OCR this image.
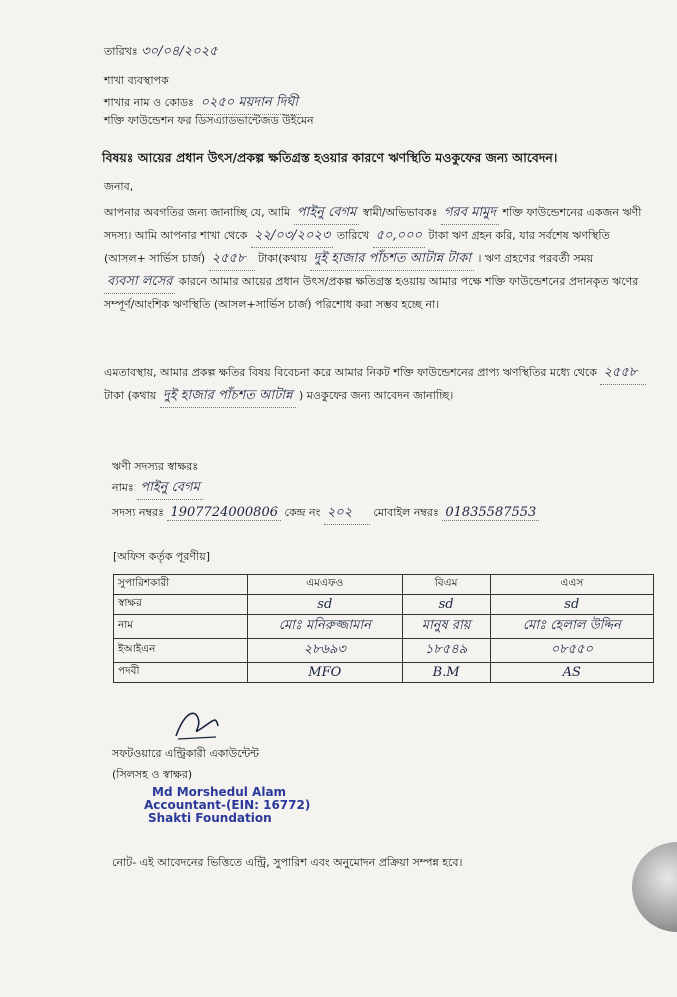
তারিখঃ ৩০/০৪/২০২৫
শাখা ব্যবস্থাপক
শাখার নাম ও কোডঃ ০২৫০ ময়দান দিঘী
শক্তি ফাউন্ডেশন ফর ডিসএ্যাডভান্টেজড উইমেন
বিষয়ঃ আয়ের প্রধান উৎস/প্রকল্প ক্ষতিগ্রস্ত হওয়ার কারণে ঋণস্থিতি মওকুফের জন্য আবেদন।
জনাব,
আপনার অবগতির জন্য জানাচ্ছি যে, আমি পাইনু বেগম স্বামী/অভিভাবকঃ গরব মামুদ শক্তি ফাউন্ডেশনের একজন ঋণী সদস্য। আমি আপনার শাখা থেকে ২২/০৩/২০২৩ তারিখে ৫০,০০০ টাকা ঋণ গ্রহন করি, যার সর্বশেষ ঋণস্থিতি (আসল+ সার্ভিস চার্জ) ২৫৫৮ টাকা(কথায় দুই হাজার পাঁচশত আটান্ন টাকা । ঋণ গ্রহণের পরবর্তী সময় ব্যবসা লসের কারনে আমার আয়ের প্রধান উৎস/প্রকল্প ক্ষতিগ্রস্ত হওয়ায় আমার পক্ষে শক্তি ফাউন্ডেশনের প্রদানকৃত ঋণের সম্পূর্ণ/আংশিক ঋণস্থিতি (আসল+সার্ভিস চার্জ) পরিশোধ করা সম্ভব হচ্ছে না।
এমতাবস্থায়, আমার প্রকল্প ক্ষতির বিষয় বিবেচনা করে আমার নিকট শক্তি ফাউন্ডেশনের প্রাপ্য ঋণস্থিতির মধ্যে থেকে ২৫৫৮ টাকা (কথায় দুই হাজার পাঁচশত আটান্ন ) মওকুফের জন্য আবেদন জানাচ্ছি।
ঋণী সদস্যর স্বাক্ষরঃ
নামঃ পাইনু বেগম
সদস্য নম্বরঃ 1907724000806 কেন্দ্র নং ২০২ মোবাইল নম্বরঃ 01835587553
[অফিস কর্তৃক পূরণীয়]
সুপারিশকারী	এমএফও	বিএম	এএস
স্বাক্ষর	sd	sd	sd
নাম	মোঃ মনিরুজ্জামান	মানুষ রায়	মোঃ হেলাল উদ্দিন
ইআইএন	২৮৬৯৩	১৮৫৪৯	০৮৫৫০
পদবী	MFO	B.M	AS
সফটওয়ারে এন্ট্রিকারী একাউন্টেন্ট
(সিলসহ ও স্বাক্ষর)
Md Morshedul Alam
Accountant-(EIN: 16772)
Shakti Foundation
নোট- এই আবেদনের ভিত্তিতে এন্ট্রি, সুপারিশ এবং অনুমোদন প্রক্রিয়া সম্পন্ন হবে।
